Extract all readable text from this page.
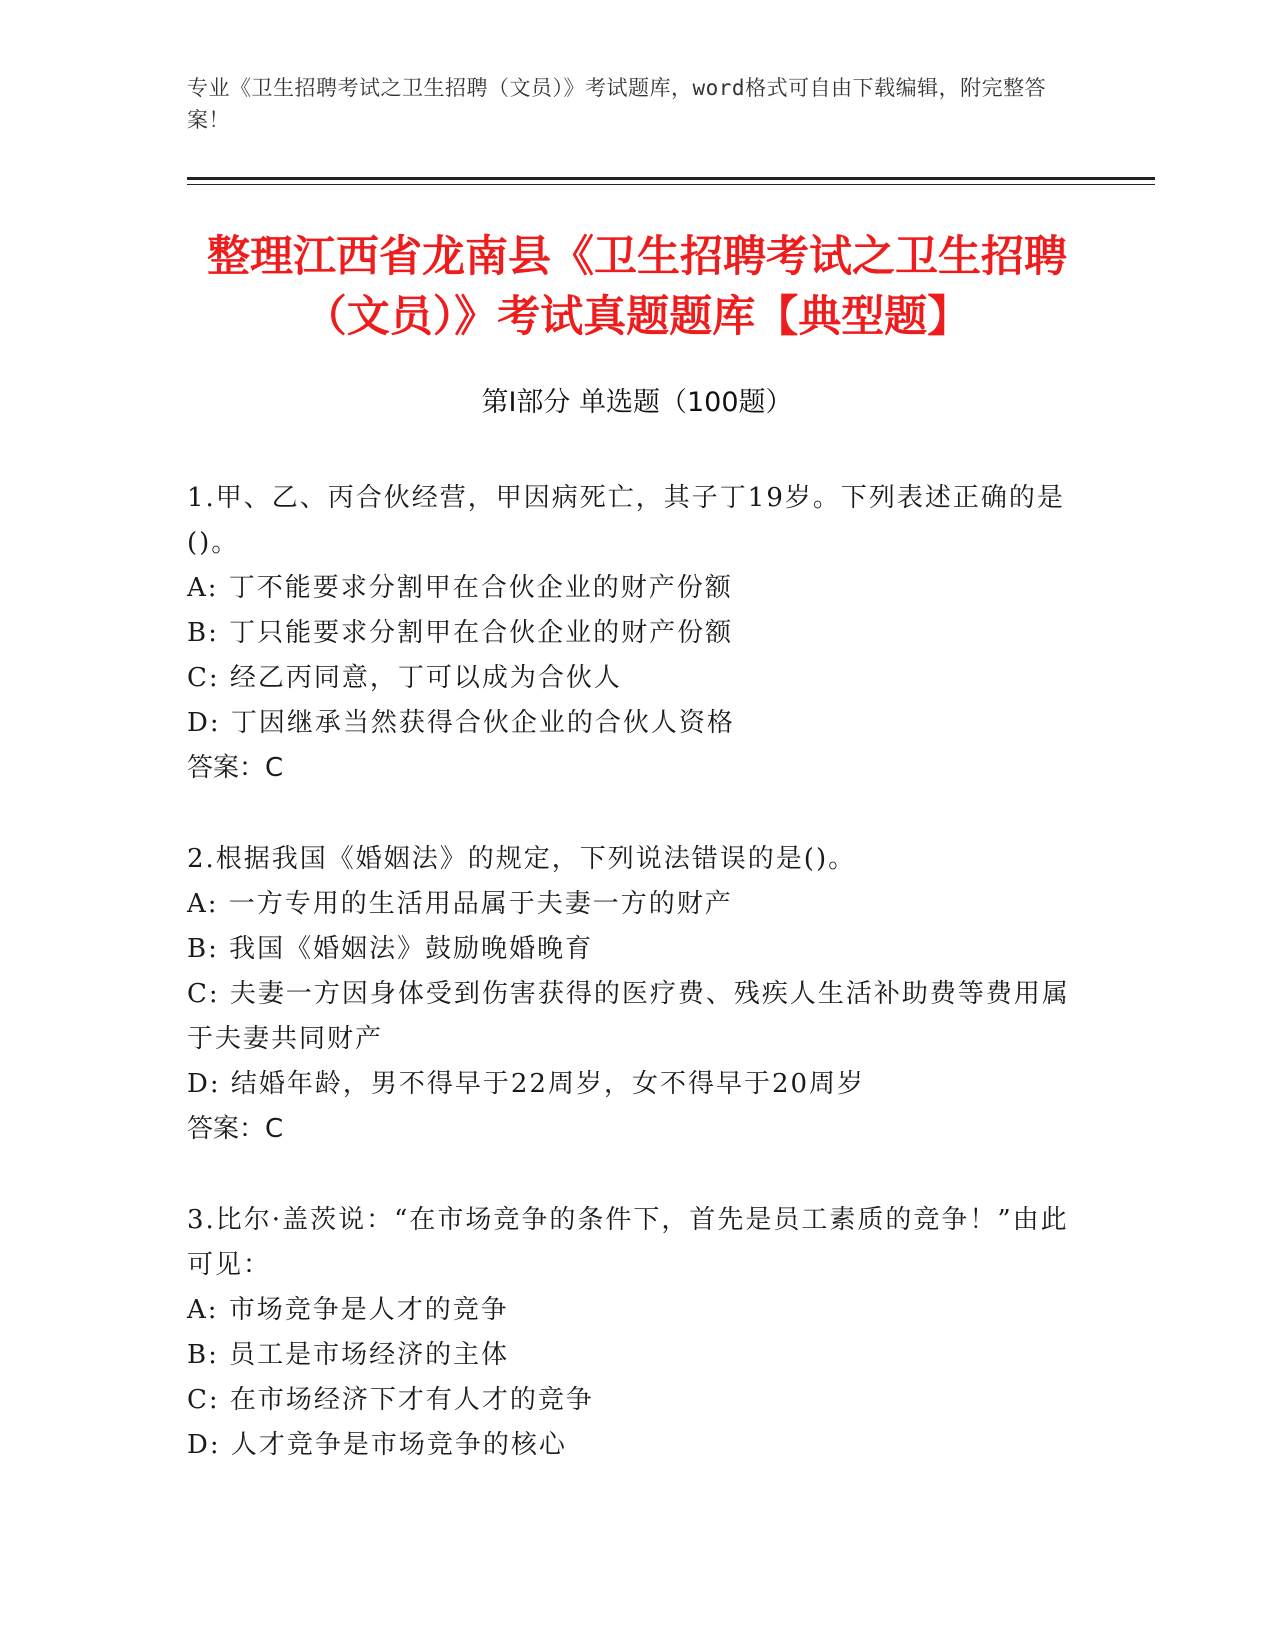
专业《卫生招聘考试之卫生招聘（文员）》考试题库，word格式可自由下载编辑，附完整答案！
整理江西省龙南县《卫生招聘考试之卫生招聘（文员）》考试真题题库【典型题】
第Ⅰ部分 单选题（100题）
1.甲、乙、丙合伙经营，甲因病死亡，其子丁19岁。下列表述正确的是()。
A: 丁不能要求分割甲在合伙企业的财产份额
B: 丁只能要求分割甲在合伙企业的财产份额
C: 经乙丙同意，丁可以成为合伙人
D: 丁因继承当然获得合伙企业的合伙人资格
答案：C
2.根据我国《婚姻法》的规定，下列说法错误的是()。
A: 一方专用的生活用品属于夫妻一方的财产
B: 我国《婚姻法》鼓励晚婚晚育
C: 夫妻一方因身体受到伤害获得的医疗费、残疾人生活补助费等费用属于夫妻共同财产
D: 结婚年龄，男不得早于22周岁，女不得早于20周岁
答案：C
3.比尔·盖茨说：“在市场竞争的条件下，首先是员工素质的竞争！”由此可见：
A: 市场竞争是人才的竞争
B: 员工是市场经济的主体
C: 在市场经济下才有人才的竞争
D: 人才竞争是市场竞争的核心
